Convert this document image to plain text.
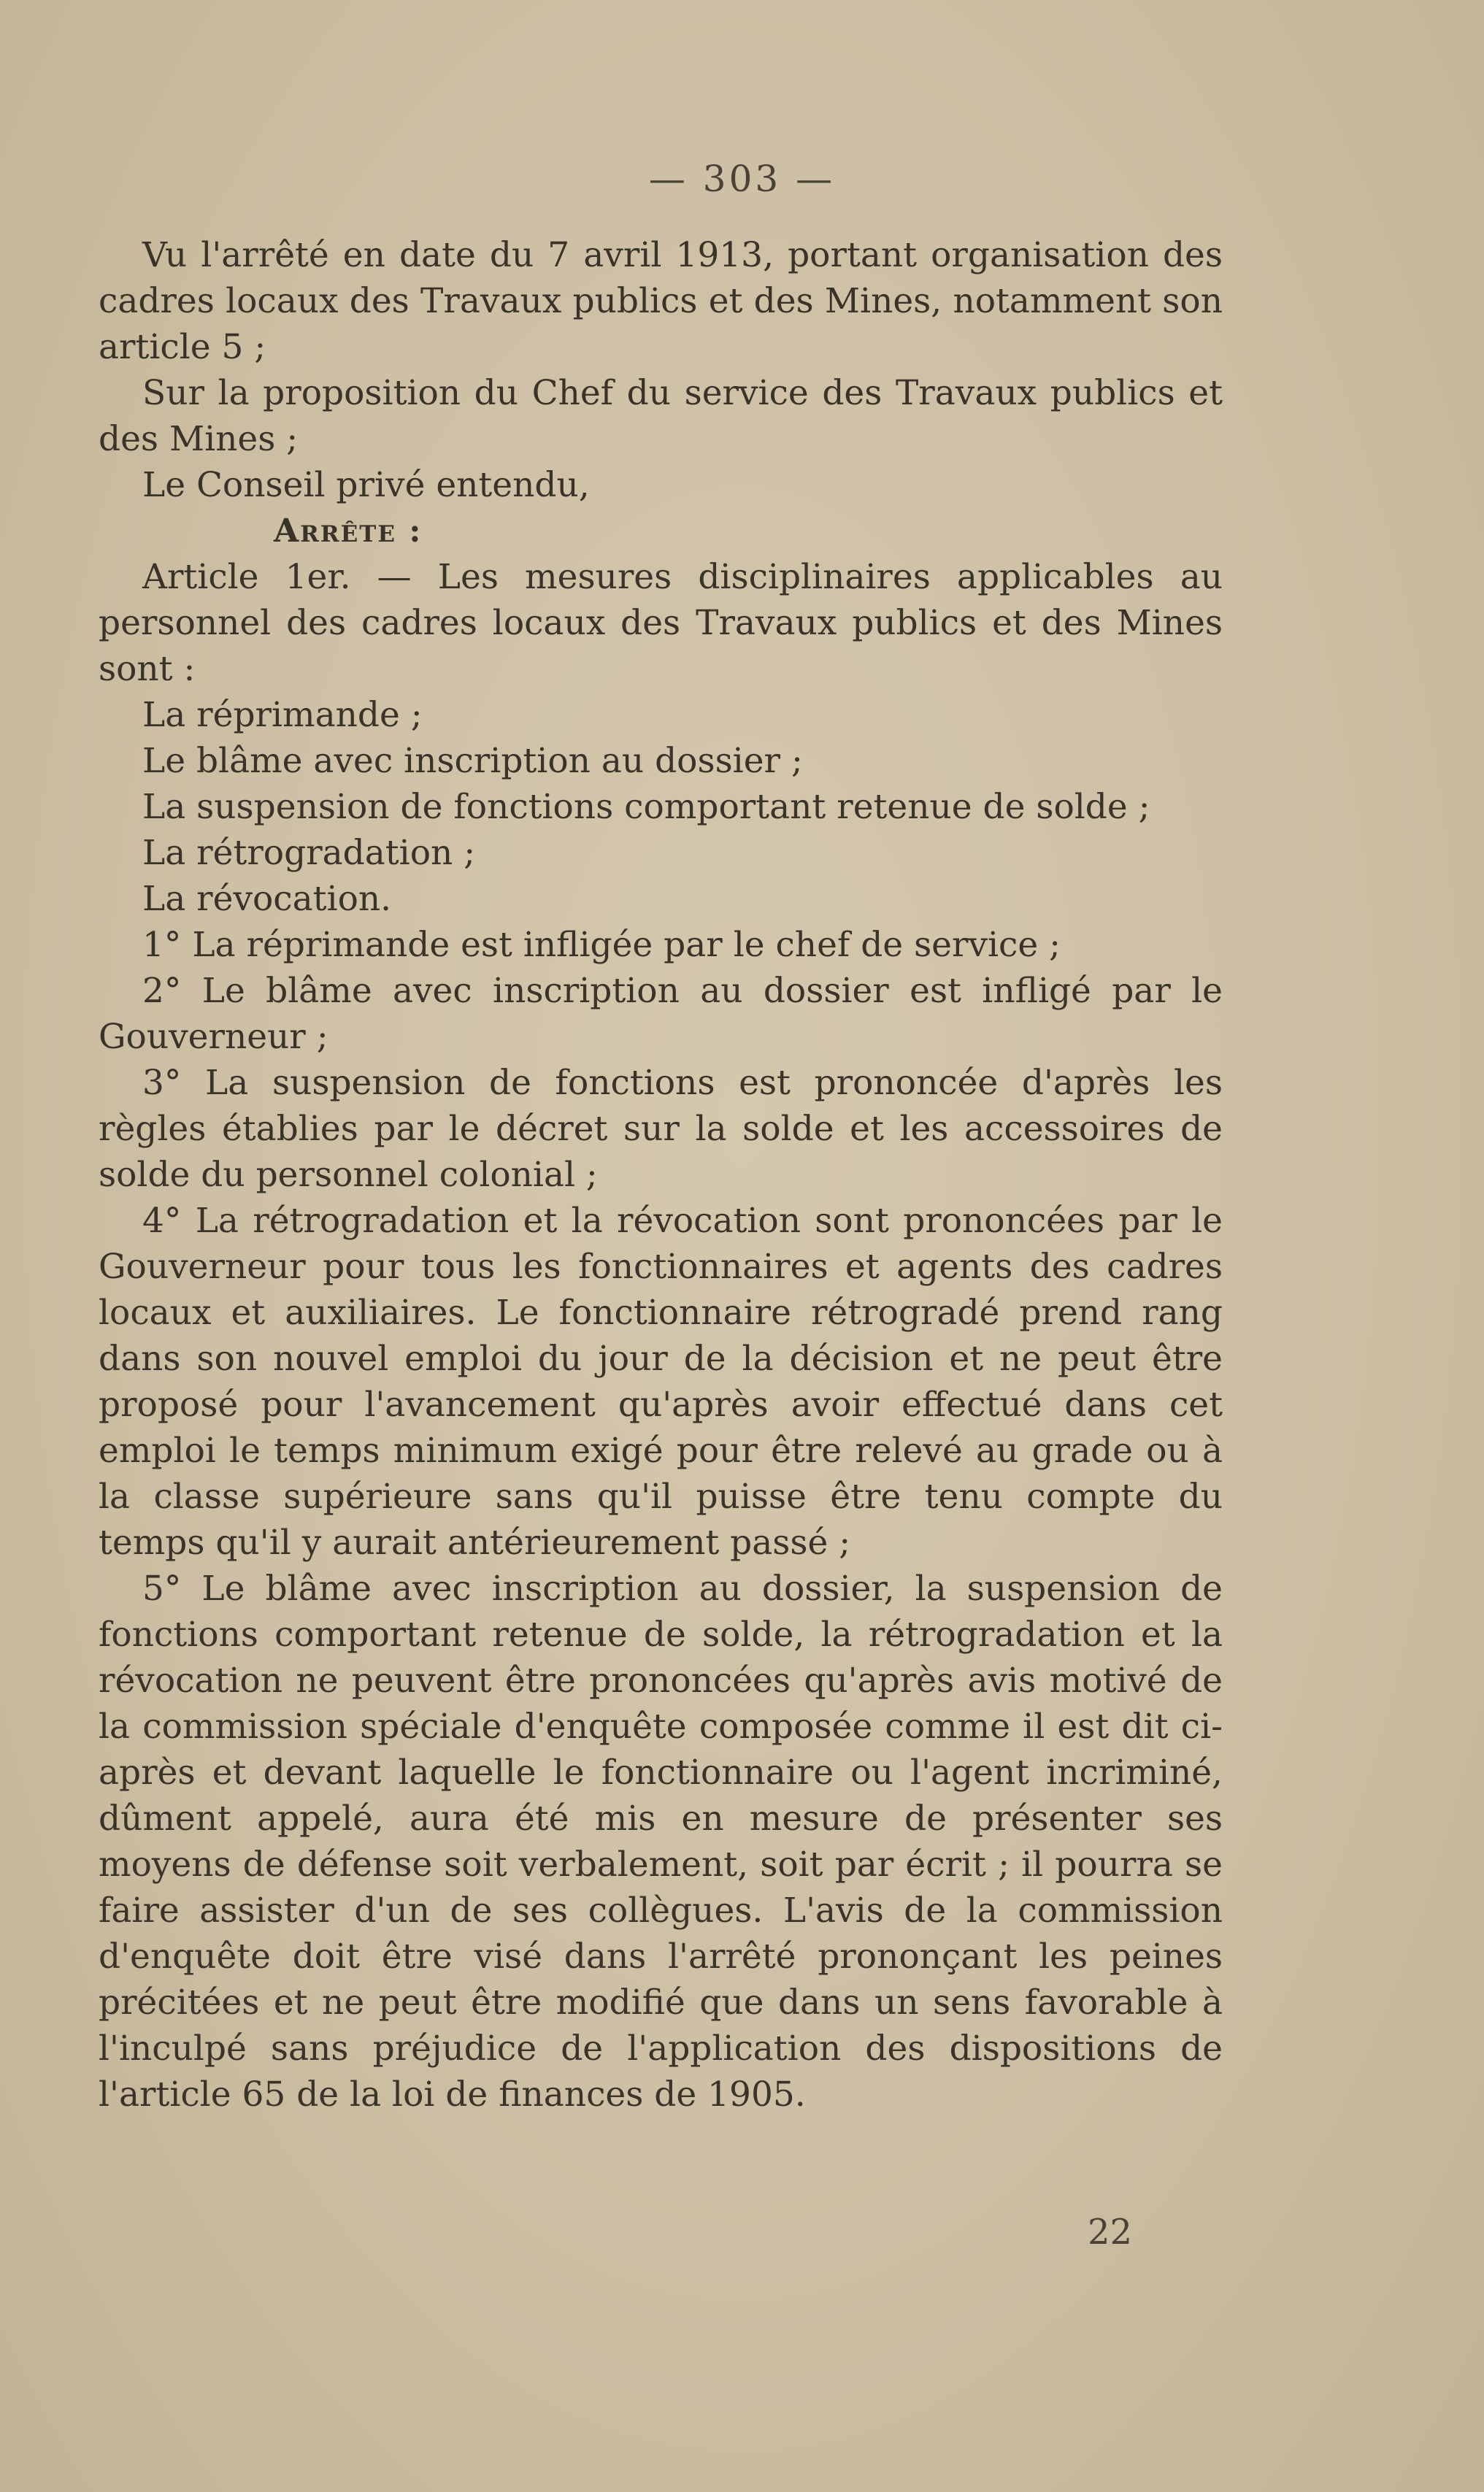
— 303 —

Vu l'arrêté en date du 7 avril 1913, portant organisation des cadres locaux des Travaux publics et des Mines, notamment son article 5 ;

Sur la proposition du Chef du service des Travaux publics et des Mines ;

Le Conseil privé entendu,

Arrête :

Article 1er. — Les mesures disciplinaires applicables au personnel des cadres locaux des Travaux publics et des Mines sont :

La réprimande ;

Le blâme avec inscription au dossier ;

La suspension de fonctions comportant retenue de solde ;

La rétrogradation ;

La révocation.

1° La réprimande est infligée par le chef de service ;

2° Le blâme avec inscription au dossier est infligé par le Gouverneur ;

3° La suspension de fonctions est prononcée d'après les règles établies par le décret sur la solde et les accessoires de solde du personnel colonial ;

4° La rétrogradation et la révocation sont prononcées par le Gouverneur pour tous les fonctionnaires et agents des cadres locaux et auxiliaires. Le fonctionnaire rétrogradé prend rang dans son nouvel emploi du jour de la décision et ne peut être proposé pour l'avancement qu'après avoir effectué dans cet emploi le temps minimum exigé pour être relevé au grade ou à la classe supérieure sans qu'il puisse être tenu compte du temps qu'il y aurait antérieurement passé ;

5° Le blâme avec inscription au dossier, la suspension de fonctions comportant retenue de solde, la rétrogradation et la révocation ne peuvent être prononcées qu'après avis motivé de la commission spéciale d'enquête composée comme il est dit ci-après et devant laquelle le fonctionnaire ou l'agent incriminé, dûment appelé, aura été mis en mesure de présenter ses moyens de défense soit verbalement, soit par écrit ; il pourra se faire assister d'un de ses collègues. L'avis de la commission d'enquête doit être visé dans l'arrêté prononçant les peines précitées et ne peut être modifié que dans un sens favorable à l'inculpé sans préjudice de l'application des dispositions de l'article 65 de la loi de finances de 1905.

22
